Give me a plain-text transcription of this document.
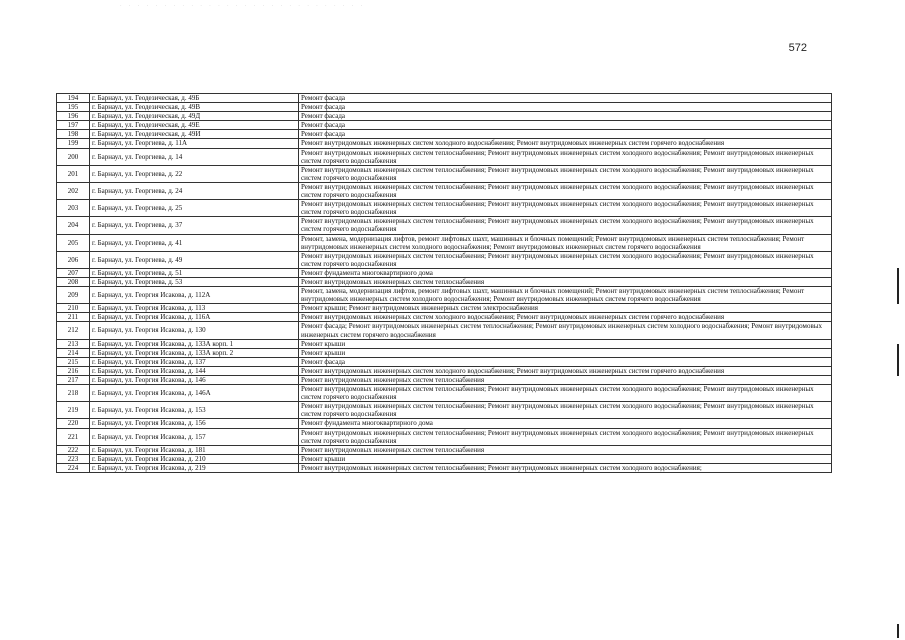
· · · · · · · · · · · · · · · · · · · · · · · · · · · ·
572
194	г. Барнаул, ул. Геодезическая, д. 49Б	Ремонт фасада
195	г. Барнаул, ул. Геодезическая, д. 49В	Ремонт фасада
196	г. Барнаул, ул. Геодезическая, д. 49Д	Ремонт фасада
197	г. Барнаул, ул. Геодезическая, д. 49Е	Ремонт фасада
198	г. Барнаул, ул. Геодезическая, д. 49И	Ремонт фасада
199	г. Барнаул, ул. Георгиева, д. 11А	Ремонт внутридомовых инженерных систем холодного водоснабжения; Ремонт внутридомовых инженерных систем горячего водоснабжения
200	г. Барнаул, ул. Георгиева, д. 14	Ремонт внутридомовых инженерных систем теплоснабжения; Ремонт внутридомовых инженерных систем холодного водоснабжения; Ремонт внутридомовых инженерных систем горячего водоснабжения
201	г. Барнаул, ул. Георгиева, д. 22	Ремонт внутридомовых инженерных систем теплоснабжения; Ремонт внутридомовых инженерных систем холодного водоснабжения; Ремонт внутридомовых инженерных систем горячего водоснабжения
202	г. Барнаул, ул. Георгиева, д. 24	Ремонт внутридомовых инженерных систем теплоснабжения; Ремонт внутридомовых инженерных систем холодного водоснабжения; Ремонт внутридомовых инженерных систем горячего водоснабжения
203	г. Барнаул, ул. Георгиева, д. 25	Ремонт внутридомовых инженерных систем теплоснабжения; Ремонт внутридомовых инженерных систем холодного водоснабжения; Ремонт внутридомовых инженерных систем горячего водоснабжения
204	г. Барнаул, ул. Георгиева, д. 37	Ремонт внутридомовых инженерных систем теплоснабжения; Ремонт внутридомовых инженерных систем холодного водоснабжения; Ремонт внутридомовых инженерных систем горячего водоснабжения
205	г. Барнаул, ул. Георгиева, д. 41	Ремонт, замена, модернизация лифтов, ремонт лифтовых шахт, машинных и блочных помещений; Ремонт внутридомовых инженерных систем теплоснабжения; Ремонт внутридомовых инженерных систем холодного водоснабжения; Ремонт внутридомовых инженерных систем горячего водоснабжения
206	г. Барнаул, ул. Георгиева, д. 49	Ремонт внутридомовых инженерных систем теплоснабжения; Ремонт внутридомовых инженерных систем холодного водоснабжения; Ремонт внутридомовых инженерных систем горячего водоснабжения
207	г. Барнаул, ул. Георгиева, д. 51	Ремонт фундамента многоквартирного дома
208	г. Барнаул, ул. Георгиева, д. 53	Ремонт внутридомовых инженерных систем теплоснабжения
209	г. Барнаул, ул. Георгия Исакова, д. 112А	Ремонт, замена, модернизация лифтов, ремонт лифтовых шахт, машинных и блочных помещений; Ремонт внутридомовых инженерных систем теплоснабжения; Ремонт внутридомовых инженерных систем холодного водоснабжения; Ремонт внутридомовых инженерных систем горячего водоснабжения
210	г. Барнаул, ул. Георгия Исакова, д. 113	Ремонт крыши; Ремонт внутридомовых инженерных систем электроснабжения
211	г. Барнаул, ул. Георгия Исакова, д. 116А	Ремонт внутридомовых инженерных систем холодного водоснабжения; Ремонт внутридомовых инженерных систем горячего водоснабжения
212	г. Барнаул, ул. Георгия Исакова, д. 130	Ремонт фасада; Ремонт внутридомовых инженерных систем теплоснабжения; Ремонт внутридомовых инженерных систем холодного водоснабжения; Ремонт внутридомовых инженерных систем горячего водоснабжения
213	г. Барнаул, ул. Георгия Исакова, д. 133А корп. 1	Ремонт крыши
214	г. Барнаул, ул. Георгия Исакова, д. 133А корп. 2	Ремонт крыши
215	г. Барнаул, ул. Георгия Исакова, д. 137	Ремонт фасада
216	г. Барнаул, ул. Георгия Исакова, д. 144	Ремонт внутридомовых инженерных систем холодного водоснабжения; Ремонт внутридомовых инженерных систем горячего водоснабжения
217	г. Барнаул, ул. Георгия Исакова, д. 146	Ремонт внутридомовых инженерных систем теплоснабжения
218	г. Барнаул, ул. Георгия Исакова, д. 146А	Ремонт внутридомовых инженерных систем теплоснабжения; Ремонт внутридомовых инженерных систем холодного водоснабжения; Ремонт внутридомовых инженерных систем горячего водоснабжения
219	г. Барнаул, ул. Георгия Исакова, д. 153	Ремонт внутридомовых инженерных систем теплоснабжения; Ремонт внутридомовых инженерных систем холодного водоснабжения; Ремонт внутридомовых инженерных систем горячего водоснабжения
220	г. Барнаул, ул. Георгия Исакова, д. 156	Ремонт фундамента многоквартирного дома
221	г. Барнаул, ул. Георгия Исакова, д. 157	Ремонт внутридомовых инженерных систем теплоснабжения; Ремонт внутридомовых инженерных систем холодного водоснабжения; Ремонт внутридомовых инженерных систем горячего водоснабжения
222	г. Барнаул, ул. Георгия Исакова, д. 181	Ремонт внутридомовых инженерных систем теплоснабжения
223	г. Барнаул, ул. Георгия Исакова, д. 210	Ремонт крыши
224	г. Барнаул, ул. Георгия Исакова, д. 219	Ремонт внутридомовых инженерных систем теплоснабжения; Ремонт внутридомовых инженерных систем холодного водоснабжения;
